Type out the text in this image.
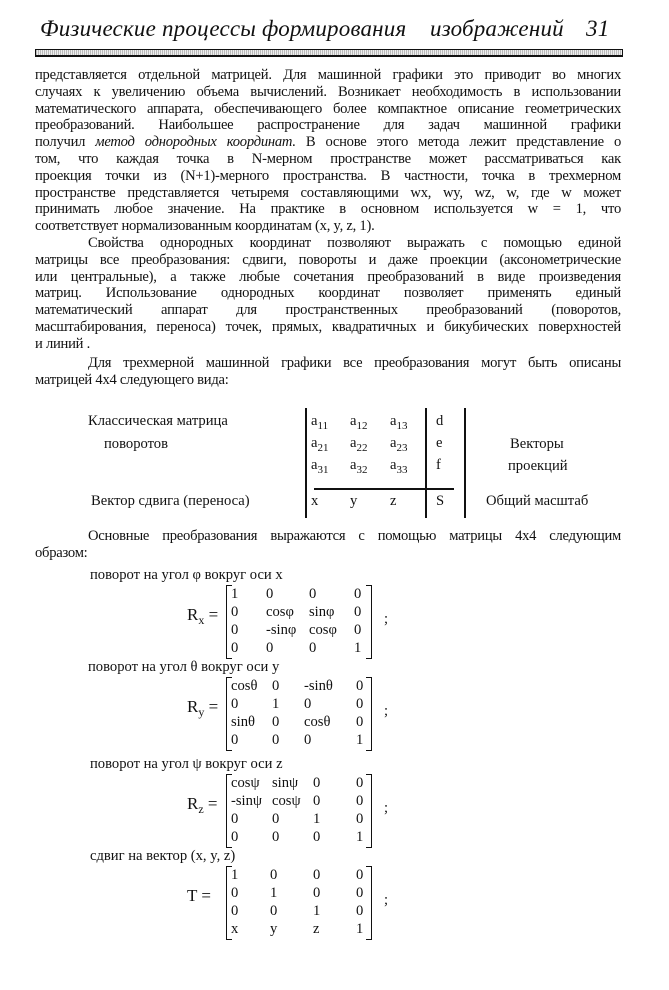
Физические процессы формирования изображений 31
представляется отдельной матрицей. Для машинной графики это приводит во многих
случаях к увеличению объема вычислений. Возникает необходимость в использовании
математического аппарата, обеспечивающего более компактное описание геометрических
преобразований. Наибольшее распространение для задач машинной графики
получил метод однородных координат. В основе этого метода лежит представление о
том, что каждая точка в N-мерном пространстве может рассматриваться как
проекция точки из (N+1)-мерного пространства. В частности, точка в трехмерном
пространстве представляется четыремя составляющими wx, wy, wz, w, где w может
принимать любое значение. На практике в основном используется w = 1, что
соответствует нормализованным координатам (x, y, z, 1).
Свойства однородных координат позволяют выражать с помощью единой
матрицы все преобразования: сдвиги, повороты и даже проекции (аксонометрические
или центральные), а также любые сочетания преобразований в виде произведения
матриц. Использование однородных координат позволяет применять единый
математический аппарат для пространственных преобразований (поворотов,
масштабирования, переноса) точек, прямых, квадратичных и бикубических поверхностей
и линий .
Для трехмерной машинной графики все преобразования могут быть описаны
матрицей 4x4 следующего вида:
Основные преобразования выражаются с помощью матрицы 4x4 следующим
образом:
Классическая матрица
поворотов
Вектор сдвига (переноса)
Векторы
проекций
Общий масштаб
$a_{11}$ $a_{12}$ $a_{13}$ d
$a_{21}$ $a_{22}$ $a_{23}$ e
$a_{31}$ $a_{32}$ $a_{33}$ f
x y z	S
поворот на угол φ вокруг оси x
$R_x$ =
1 0 0	0
0 cosφ sinφ 0
0 -sinφ cosφ 0
0 0 0	1
;
поворот на угол θ вокруг оси y
$R_y$ =
cosθ 0 -sinθ 0
0 1 0	0
sinθ 0 cosθ 0
0 0 0	1
;
поворот на угол ψ вокруг оси z
$R_z$ =
cosψ sinψ 0 0
-sinψ cosψ 0 0
0 0 1 0
0 0 0 1
;
сдвиг на вектор (x, y, z)
T =
1 0 0 0
0 1 0 0
0 0 1 0
x y z	1
;
